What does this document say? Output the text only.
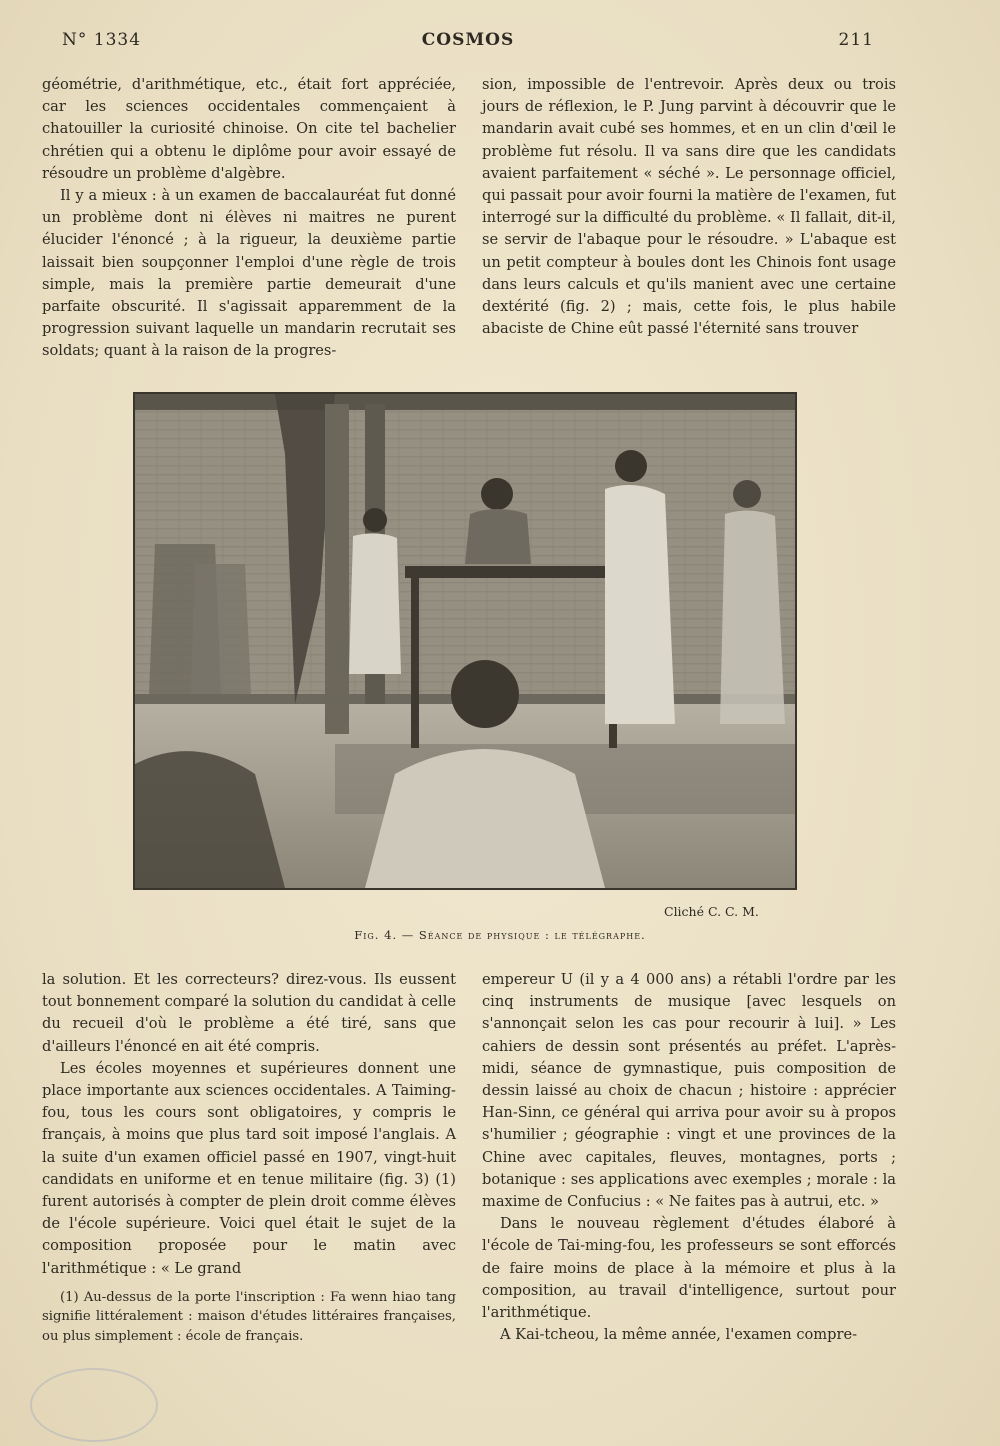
N° 1334	COSMOS	211

géométrie, d'arithmétique, etc., était fort appréciée, car les sciences occidentales commençaient à chatouiller la curiosité chinoise. On cite tel bachelier chrétien qui a obtenu le diplôme pour avoir essayé de résoudre un problème d'algèbre.

Il y a mieux : à un examen de baccalauréat fut donné un problème dont ni élèves ni maitres ne purent élucider l'énoncé ; à la rigueur, la deuxième partie laissait bien soupçonner l'emploi d'une règle de trois simple, mais la première partie demeurait d'une parfaite obscurité. Il s'agissait apparemment de la progression suivant laquelle un mandarin recrutait ses soldats; quant à la raison de la progres-

sion, impossible de l'entrevoir. Après deux ou trois jours de réflexion, le P. Jung parvint à découvrir que le mandarin avait cubé ses hommes, et en un clin d'œil le problème fut résolu. Il va sans dire que les candidats avaient parfaitement « séché ». Le personnage officiel, qui passait pour avoir fourni la matière de l'examen, fut interrogé sur la difficulté du problème. « Il fallait, dit-il, se servir de l'abaque pour le résoudre. » L'abaque est un petit compteur à boules dont les Chinois font usage dans leurs calculs et qu'ils manient avec une certaine dextérité (fig. 2) ; mais, cette fois, le plus habile abaciste de Chine eût passé l'éternité sans trouver

Cliché C. C. M.
Fig. 4. — Séance de physique : le télégraphe.

la solution. Et les correcteurs? direz-vous. Ils eussent tout bonnement comparé la solution du candidat à celle du recueil d'où le problème a été tiré, sans que d'ailleurs l'énoncé en ait été compris.

Les écoles moyennes et supérieures donnent une place importante aux sciences occidentales. A Taiming-fou, tous les cours sont obligatoires, y compris le français, à moins que plus tard soit imposé l'anglais. A la suite d'un examen officiel passé en 1907, vingt-huit candidats en uniforme et en tenue militaire (fig. 3) (1) furent autorisés à compter de plein droit comme élèves de l'école supérieure. Voici quel était le sujet de la composition proposée pour le matin avec l'arithmétique : « Le grand

(1) Au-dessus de la porte l'inscription : Fa wenn hiao tang signifie littéralement : maison d'études littéraires françaises, ou plus simplement : école de français.

empereur U (il y a 4 000 ans) a rétabli l'ordre par les cinq instruments de musique [avec lesquels on s'annonçait selon les cas pour recourir à lui]. » Les cahiers de dessin sont présentés au préfet. L'après-midi, séance de gymnastique, puis composition de dessin laissé au choix de chacun ; histoire : apprécier Han-Sinn, ce général qui arriva pour avoir su à propos s'humilier ; géographie : vingt et une provinces de la Chine avec capitales, fleuves, montagnes, ports ; botanique : ses applications avec exemples ; morale : la maxime de Confucius : « Ne faites pas à autrui, etc. »

Dans le nouveau règlement d'études élaboré à l'école de Tai-ming-fou, les professeurs se sont efforcés de faire moins de place à la mémoire et plus à la composition, au travail d'intelligence, surtout pour l'arithmétique.

A Kai-tcheou, la même année, l'examen compre-
